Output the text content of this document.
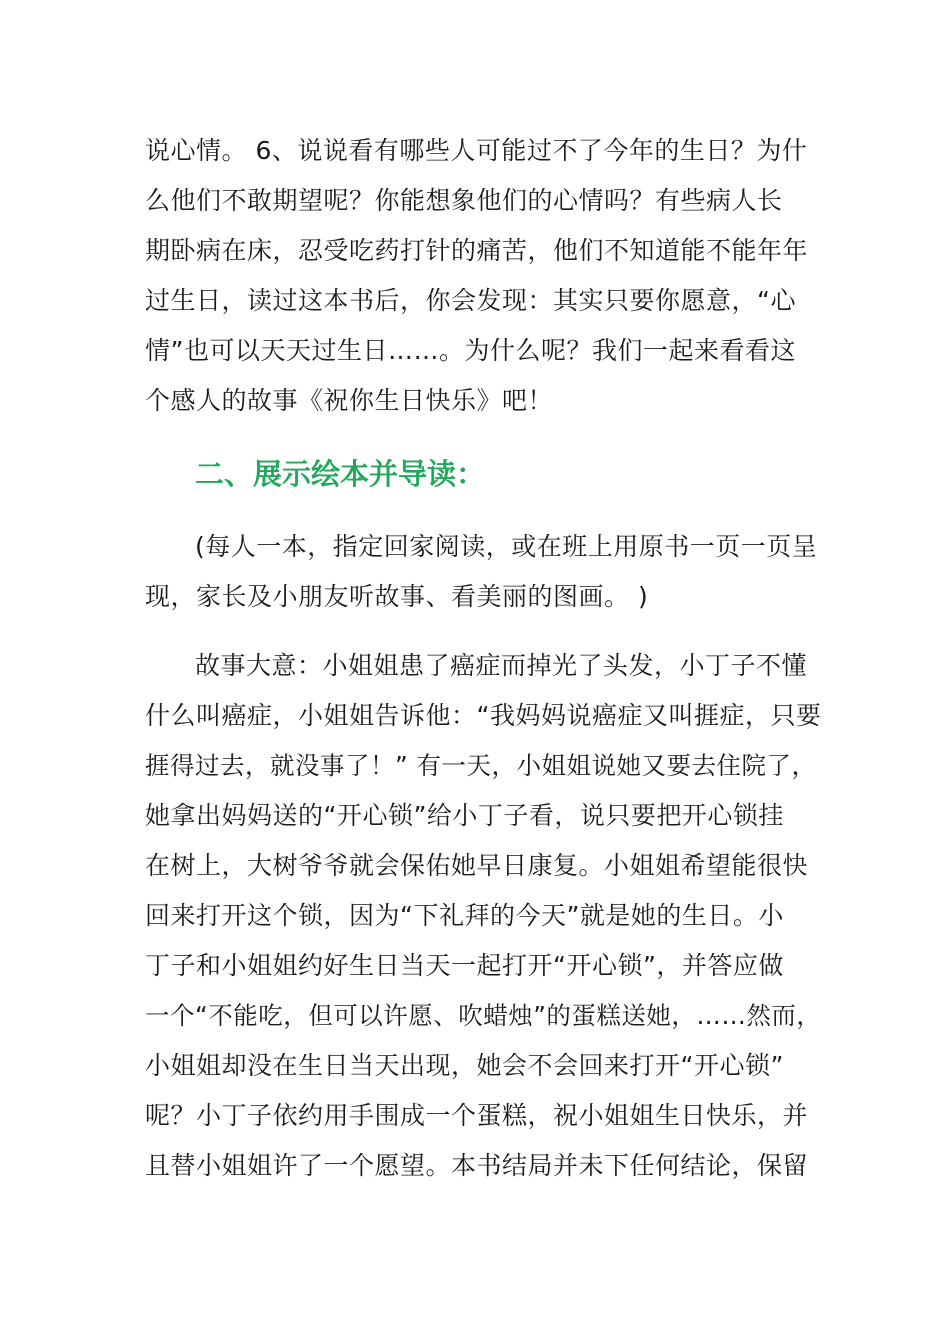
说心情。 6、说说看有哪些人可能过不了今年的生日？为什
么他们不敢期望呢？你能想象他们的心情吗？有些病人长
期卧病在床，忍受吃药打针的痛苦，他们不知道能不能年年
过生日，读过这本书后，你会发现：其实只要你愿意，“心
情”也可以天天过生日……。为什么呢？我们一起来看看这
个感人的故事《祝你生日快乐》吧！
二、展示绘本并导读：
(每人一本，指定回家阅读，或在班上用原书一页一页呈
现，家长及小朋友听故事、看美丽的图画。 )
故事大意：小姐姐患了癌症而掉光了头发，小丁子不懂
什么叫癌症，小姐姐告诉他：“我妈妈说癌症又叫捱症，只要
捱得过去，就没事了！” 有一天，小姐姐说她又要去住院了，
她拿出妈妈送的“开心锁”给小丁子看，说只要把开心锁挂
在树上，大树爷爷就会保佑她早日康复。小姐姐希望能很快
回来打开这个锁，因为“下礼拜的今天”就是她的生日。小
丁子和小姐姐约好生日当天一起打开“开心锁”，并答应做
一个“不能吃，但可以许愿、吹蜡烛”的蛋糕送她，……然而，
小姐姐却没在生日当天出现，她会不会回来打开“开心锁”
呢？小丁子依约用手围成一个蛋糕，祝小姐姐生日快乐，并
且替小姐姐许了一个愿望。本书结局并未下任何结论，保留
